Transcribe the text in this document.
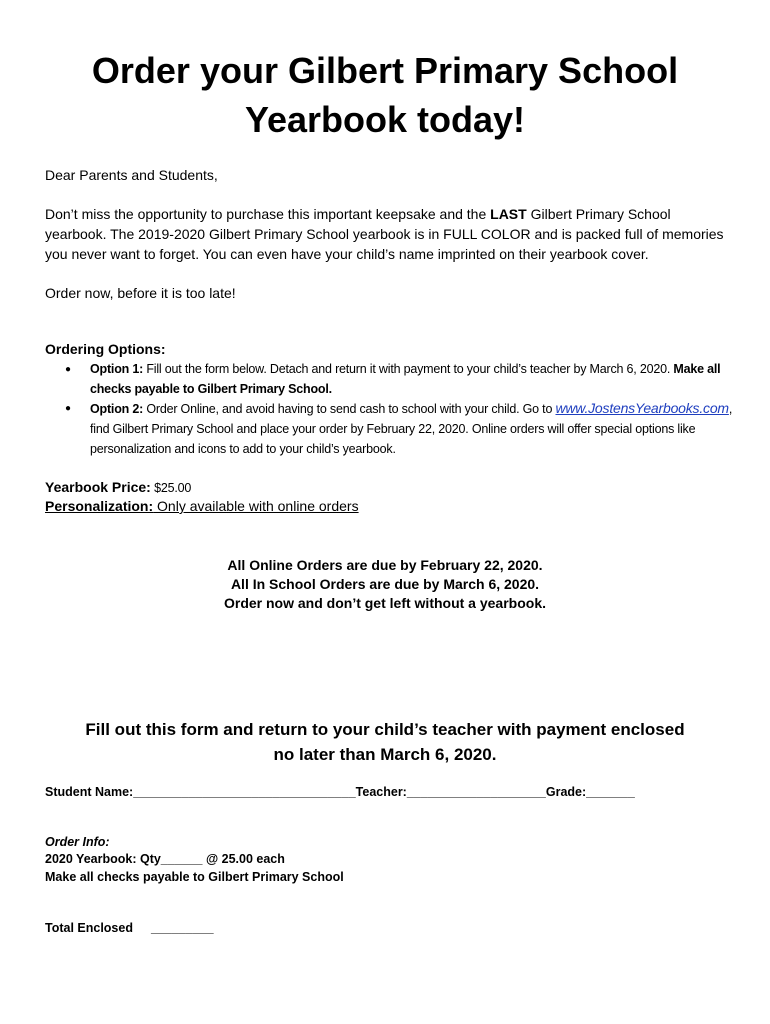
Order your Gilbert Primary School
Yearbook today!
Dear Parents and Students,
Don’t miss the opportunity to purchase this important keepsake and the LAST Gilbert Primary School
yearbook. The 2019-2020 Gilbert Primary School yearbook is in FULL COLOR and is packed full of memories
you never want to forget. You can even have your child’s name imprinted on their yearbook cover.
Order now, before it is too late!
Ordering Options:
● Option 1: Fill out the form below. Detach and return it with payment to your child’s teacher by March 6, 2020. Make all
checks payable to Gilbert Primary School.
● Option 2: Order Online, and avoid having to send cash to school with your child. Go to www.JostensYearbooks.com,
find Gilbert Primary School and place your order by February 22, 2020. Online orders will offer special options like
personalization and icons to add to your child’s yearbook.
Yearbook Price: $25.00
Personalization: Only available with online orders
All Online Orders are due by February 22, 2020.
All In School Orders are due by March 6, 2020.
Order now and don’t get left without a yearbook.
Fill out this form and return to your child’s teacher with payment enclosed
no later than March 6, 2020.
Student Name:________________________________Teacher:____________________Grade:_______
Order Info:
2020 Yearbook: Qty______ @ 25.00 each
Make all checks payable to Gilbert Primary School
Total Enclosed _________
